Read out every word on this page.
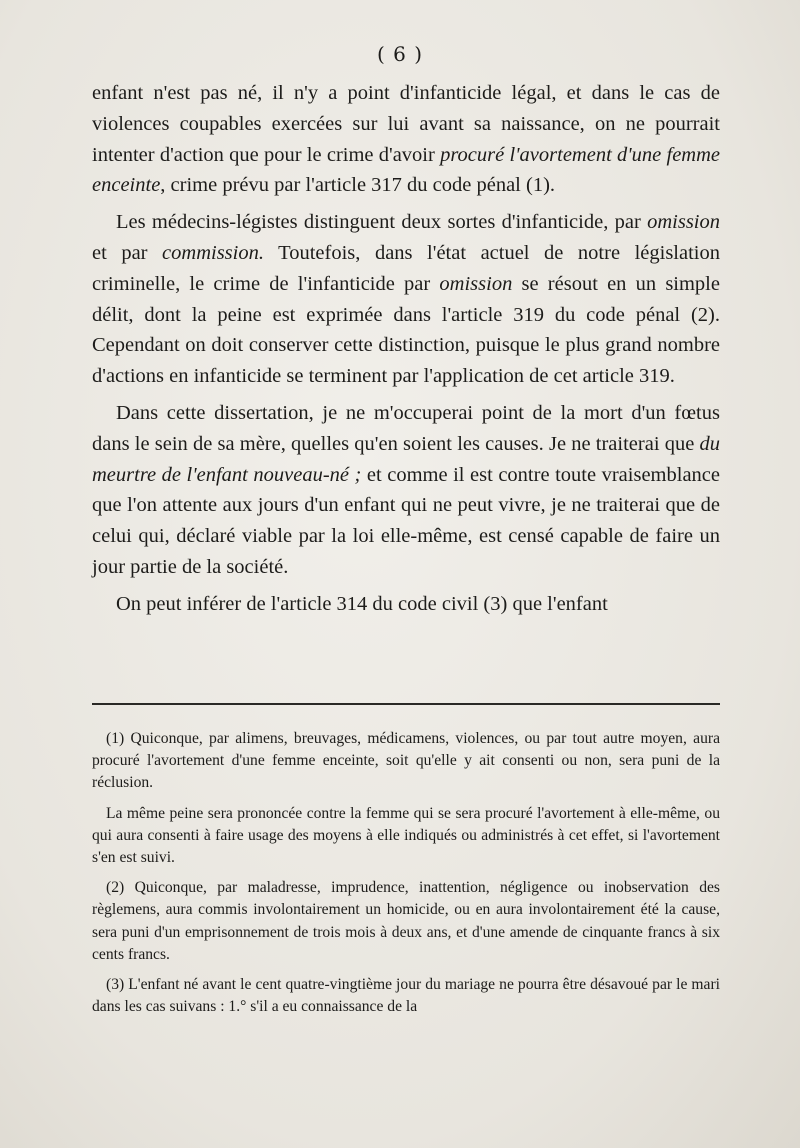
( 6 )

enfant n'est pas né, il n'y a point d'infanticide légal, et dans le cas de violences coupables exercées sur lui avant sa naissance, on ne pourrait intenter d'action que pour le crime d'avoir procuré l'avortement d'une femme enceinte, crime prévu par l'article 317 du code pénal (1).

Les médecins-légistes distinguent deux sortes d'infanticide, par omission et par commission. Toutefois, dans l'état actuel de notre législation criminelle, le crime de l'infanticide par omission se résout en un simple délit, dont la peine est exprimée dans l'article 319 du code pénal (2). Cependant on doit conserver cette distinction, puisque le plus grand nombre d'actions en infanticide se terminent par l'application de cet article 319.

Dans cette dissertation, je ne m'occuperai point de la mort d'un fœtus dans le sein de sa mère, quelles qu'en soient les causes. Je ne traiterai que du meurtre de l'enfant nouveau-né ; et comme il est contre toute vraisemblance que l'on attente aux jours d'un enfant qui ne peut vivre, je ne traiterai que de celui qui, déclaré viable par la loi elle-même, est censé capable de faire un jour partie de la société.

On peut inférer de l'article 314 du code civil (3) que l'enfant

(1) Quiconque, par alimens, breuvages, médicamens, violences, ou par tout autre moyen, aura procuré l'avortement d'une femme enceinte, soit qu'elle y ait consenti ou non, sera puni de la réclusion.

La même peine sera prononcée contre la femme qui se sera procuré l'avortement à elle-même, ou qui aura consenti à faire usage des moyens à elle indiqués ou administrés à cet effet, si l'avortement s'en est suivi.

(2) Quiconque, par maladresse, imprudence, inattention, négligence ou inobservation des règlemens, aura commis involontairement un homicide, ou en aura involontairement été la cause, sera puni d'un emprisonnement de trois mois à deux ans, et d'une amende de cinquante francs à six cents francs.

(3) L'enfant né avant le cent quatre-vingtième jour du mariage ne pourra être désavoué par le mari dans les cas suivans : 1.° s'il a eu connaissance de la
